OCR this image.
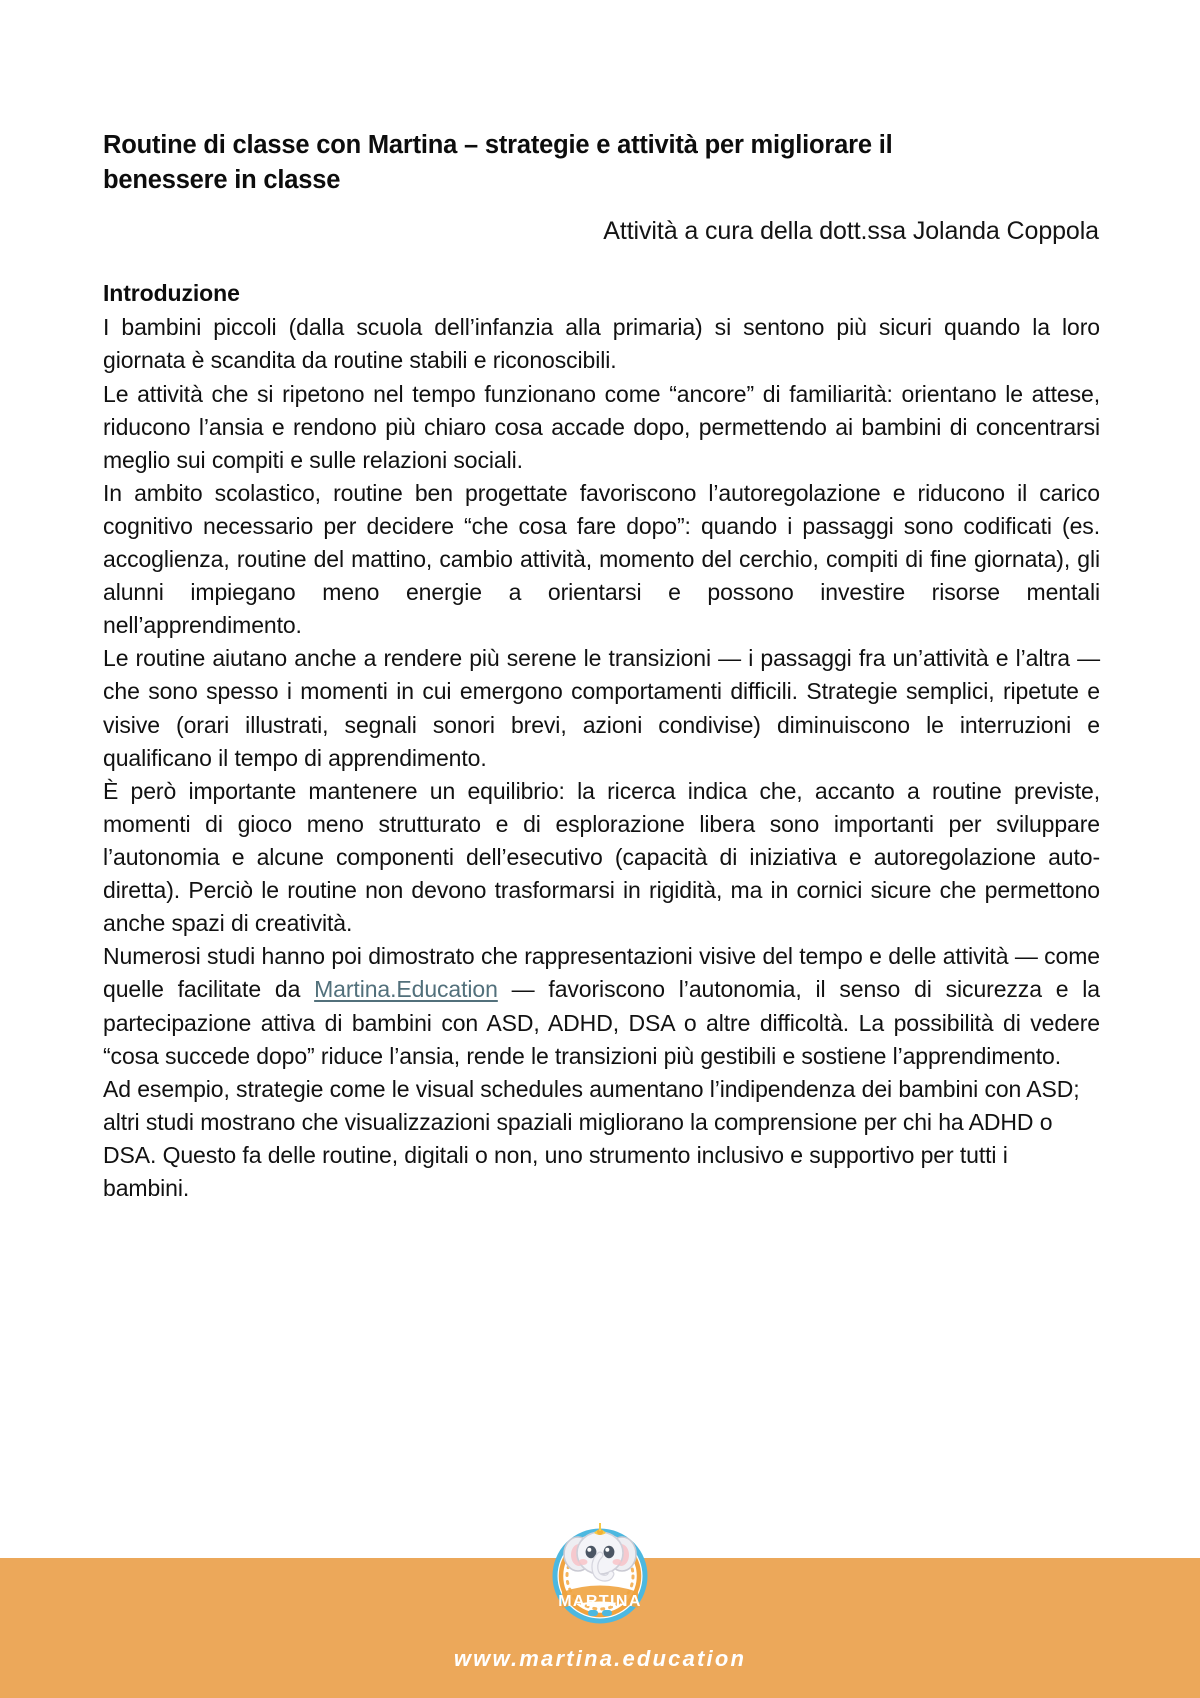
Routine di classe con Martina – strategie e attività per migliorare il benessere in classe
Attività a cura della dott.ssa Jolanda Coppola
Introduzione

I bambini piccoli (dalla scuola dell’infanzia alla primaria) si sentono più sicuri quando la loro giornata è scandita da routine stabili e riconoscibili.

Le attività che si ripetono nel tempo funzionano come “ancore” di familiarità: orientano le attese, riducono l’ansia e rendono più chiaro cosa accade dopo, permettendo ai bambini di concentrarsi meglio sui compiti e sulle relazioni sociali.

In ambito scolastico, routine ben progettate favoriscono l’autoregolazione e riducono il carico cognitivo necessario per decidere “che cosa fare dopo”: quando i passaggi sono codificati (es. accoglienza, routine del mattino, cambio attività, momento del cerchio, compiti di fine giornata), gli alunni impiegano meno energie a orientarsi e possono investire risorse mentali nell’apprendimento.

Le routine aiutano anche a rendere più serene le transizioni — i passaggi fra un’attività e l’altra — che sono spesso i momenti in cui emergono comportamenti difficili. Strategie semplici, ripetute e visive (orari illustrati, segnali sonori brevi, azioni condivise) diminuiscono le interruzioni e qualificano il tempo di apprendimento.

È però importante mantenere un equilibrio: la ricerca indica che, accanto a routine previste, momenti di gioco meno strutturato e di esplorazione libera sono importanti per sviluppare l’autonomia e alcune componenti dell’esecutivo (capacità di iniziativa e autoregolazione auto-diretta). Perciò le routine non devono trasformarsi in rigidità, ma in cornici sicure che permettono anche spazi di creatività.

Numerosi studi hanno poi dimostrato che rappresentazioni visive del tempo e delle attività — come quelle facilitate da Martina.Education — favoriscono l’autonomia, il senso di sicurezza e la partecipazione attiva di bambini con ASD, ADHD, DSA o altre difficoltà. La possibilità di vedere “cosa succede dopo” riduce l’ansia, rende le transizioni più gestibili e sostiene l’apprendimento.

Ad esempio, strategie come le visual schedules aumentano l’indipendenza dei bambini con ASD; altri studi mostrano che visualizzazioni spaziali migliorano la comprensione per chi ha ADHD o DSA. Questo fa delle routine, digitali o non, uno strumento inclusivo e supportivo per tutti i bambini.

www.martina.education
MARTINA
